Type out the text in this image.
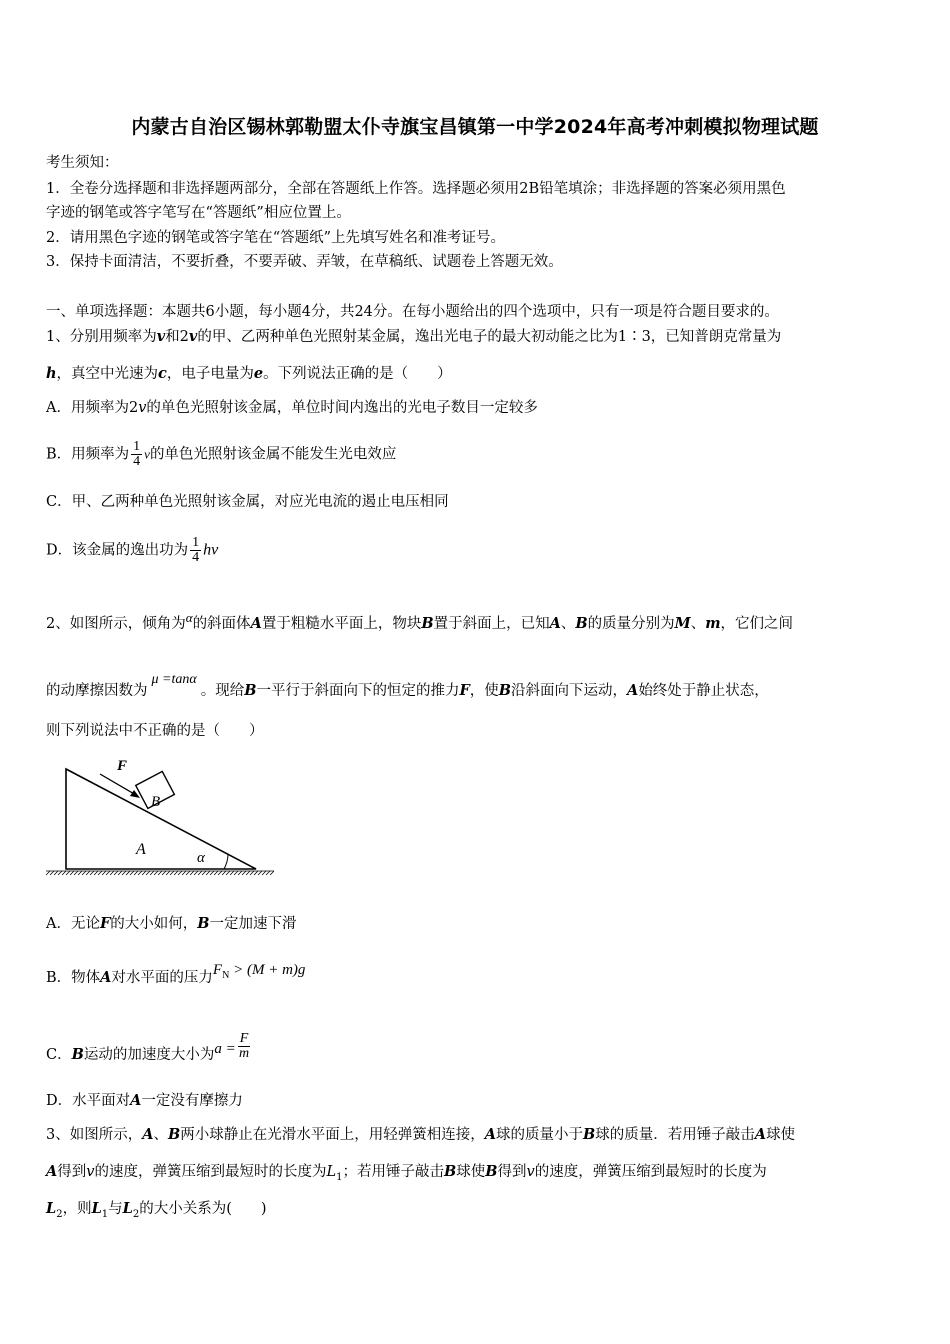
内蒙古自治区锡林郭勒盟太仆寺旗宝昌镇第一中学2024年高考冲刺模拟物理试题
考生须知：
1．全卷分选择题和非选择题两部分，全部在答题纸上作答。选择题必须用2B铅笔填涂；非选择题的答案必须用黑色
字迹的钢笔或答字笔写在“答题纸”相应位置上。
2．请用黑色字迹的钢笔或答字笔在“答题纸”上先填写姓名和准考证号。
3．保持卡面清洁，不要折叠，不要弄破、弄皱，在草稿纸、试题卷上答题无效。
一、单项选择题：本题共6小题，每小题4分，共24分。在每小题给出的四个选项中，只有一项是符合题目要求的。
1、分别用频率为v和2v的甲、乙两种单色光照射某金属，逸出光电子的最大初动能之比为1∶3，已知普朗克常量为
h，真空中光速为c，电子电量为e。下列说法正确的是（　　）
A．用频率为2v的单色光照射该金属，单位时间内逸出的光电子数目一定较多
B．用频率为 $\frac{1}{4}$ ν的单色光照射该金属不能发生光电效应
C．甲、乙两种单色光照射该金属，对应光电流的遏止电压相同
D．该金属的逸出功为 $\frac{1}{4}$ hν
2、如图所示，倾角为α的斜面体A置于粗糙水平面上，物块B置于斜面上，已知A、B的质量分别为M、m，它们之间
的动摩擦因数为μ =tanα。现给B一平行于斜面向下的恒定的推力F，使B沿斜面向下运动，A始终处于静止状态，
则下列说法中不正确的是（　　）
F
B
A	α
A．无论F的大小如何，B一定加速下滑
B．物体A对水平面的压力$F_N > (M + m)g$
C．B运动的加速度大小为$a = \frac{F}{m}$
D．水平面对A一定没有摩擦力
3、如图所示，A、B两小球静止在光滑水平面上，用轻弹簧相连接，A球的质量小于B球的质量．若用锤子敲击A球使
A得到v的速度，弹簧压缩到最短时的长度为$L_1$；若用锤子敲击B球使B得到v的速度，弹簧压缩到最短时的长度为
$L_2$，则$L_1$与$L_2$的大小关系为(　　)
